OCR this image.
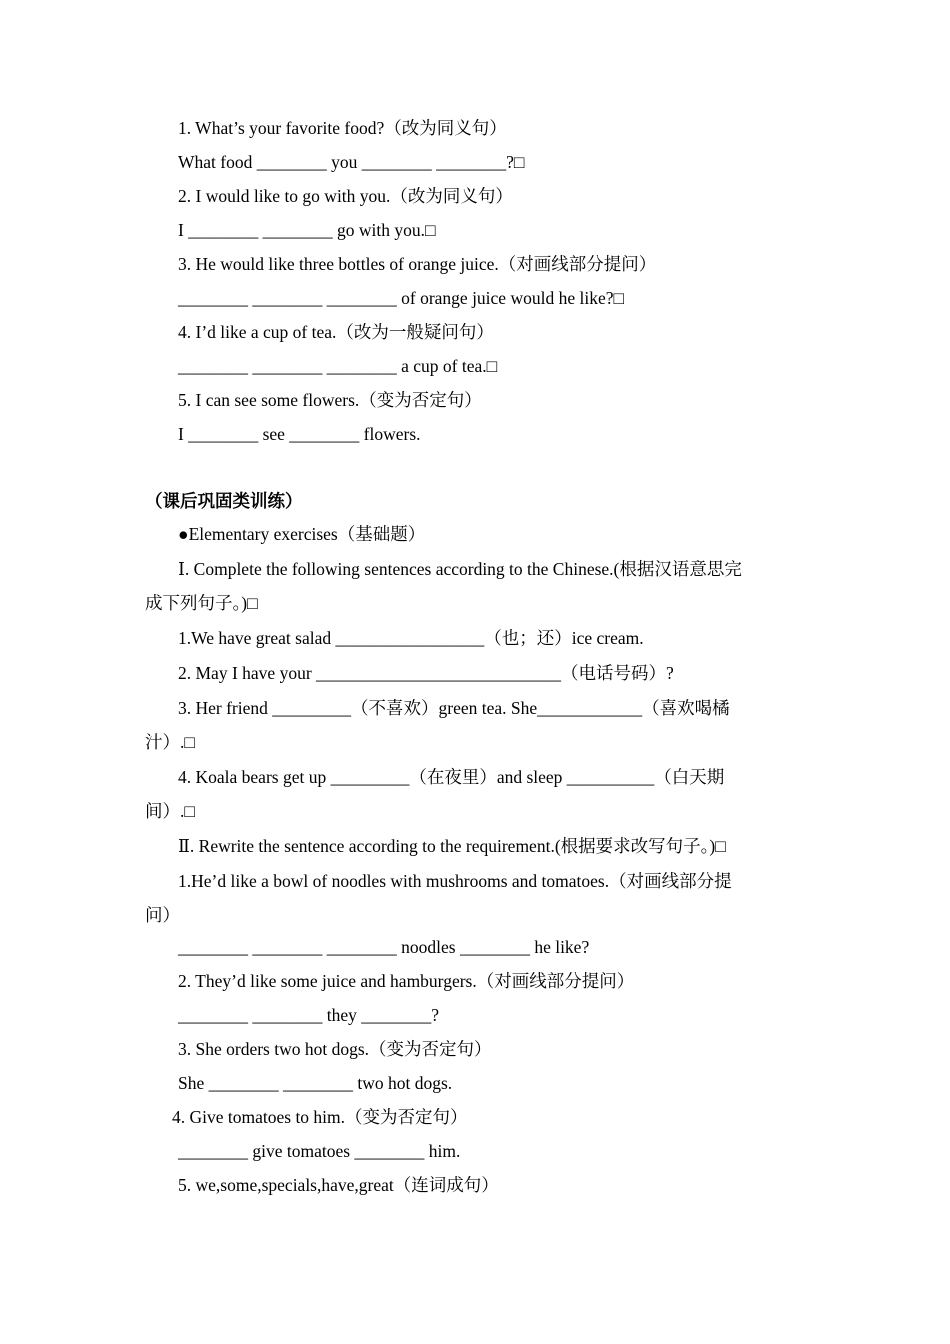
1. What’s your favorite food?（改为同义句）
What food ________ you ________ ________?□
2. I would like to go with you.（改为同义句）
I ________ ________ go with you.□
3. He would like three bottles of orange juice.（对画线部分提问）
________ ________ ________ of orange juice would he like?□
4. I’d like a cup of tea.（改为一般疑问句）
________ ________ ________ a cup of tea.□
5. I can see some flowers.（变为否定句）
I ________ see ________ flowers.
（课后巩固类训练）
●Elementary exercises（基础题）
Ⅰ. Complete the following sentences according to the Chinese.(根据汉语意思完
成下列句子。)□
1.We have great salad _________________（也；还）ice cream.
2. May I have your ____________________________（电话号码）?
3. Her friend _________（不喜欢）green tea. She____________（喜欢喝橘
汁）.□
4. Koala bears get up _________（在夜里）and sleep __________（白天期
间）.□
Ⅱ. Rewrite the sentence according to the requirement.(根据要求改写句子。)□
1.He’d like a bowl of noodles with mushrooms and tomatoes.（对画线部分提
问）
________ ________ ________ noodles ________ he like?
2. They’d like some juice and hamburgers.（对画线部分提问）
________ ________ they ________?
3. She orders two hot dogs.（变为否定句）
She ________ ________ two hot dogs.
4. Give tomatoes to him.（变为否定句）
________ give tomatoes ________ him.
5. we,some,specials,have,great（连词成句）
